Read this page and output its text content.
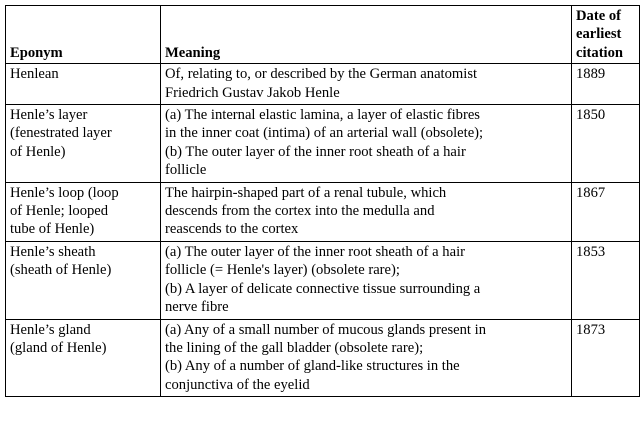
Eponym	Meaning	Date of
earliest
citation

Henlean	Of, relating to, or described by the German anatomist
Friedrich Gustav Jakob Henle	1889

Henle’s layer
(fenestrated layer
of Henle)	(a) The internal elastic lamina, a layer of elastic fibres
in the inner coat (intima) of an arterial wall (obsolete);
(b) The outer layer of the inner root sheath of a hair
follicle	1850

Henle’s loop (loop
of Henle; looped
tube of Henle)	The hairpin-shaped part of a renal tubule, which
descends from the cortex into the medulla and
reascends to the cortex	1867

Henle’s sheath
(sheath of Henle)	(a) The outer layer of the inner root sheath of a hair
follicle (= Henle's layer) (obsolete rare);
(b) A layer of delicate connective tissue surrounding a
nerve fibre	1853

Henle’s gland
(gland of Henle)	(a) Any of a small number of mucous glands present in
the lining of the gall bladder (obsolete rare);
(b) Any of a number of gland-like structures in the
conjunctiva of the eyelid	1873
